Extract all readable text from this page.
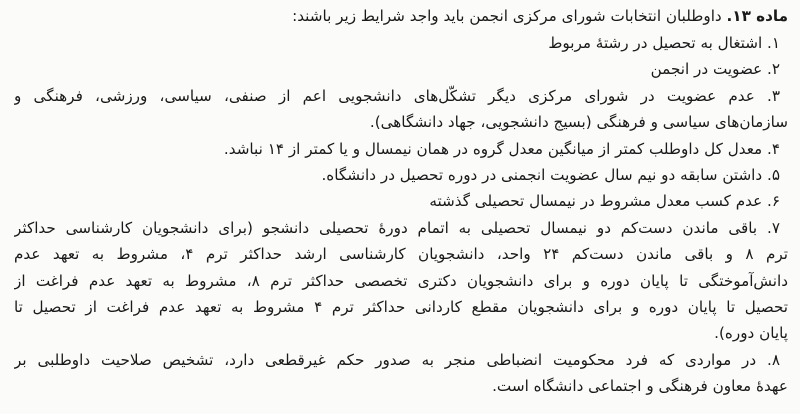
ماده ۱۳. داوطلبان انتخابات شورای مرکزی انجمن باید واجد شرایط زیر باشند:
۱. اشتغال به تحصیل در رشتهٔ مربوط
۲. عضویت در انجمن
۳. عدم عضویت در شورای مرکزی دیگر تشکّل‌های دانشجویی اعم از صنفی، سیاسی، ورزشی، فرهنگی و
سازمان‌های سیاسی و فرهنگی (بسیج دانشجویی، جهاد دانشگاهی).
۴. معدل کل داوطلب کمتر از میانگین معدل گروه در همان نیمسال و یا کمتر از ۱۴ نباشد.
۵. داشتن سابقه دو نیم سال عضویت انجمنی در دوره تحصیل در دانشگاه.
۶. عدم کسب معدل مشروط در نیمسال تحصیلی گذشته
۷. باقی ماندن دست‌کم دو نیمسال تحصیلی به اتمام دورهٔ تحصیلی دانشجو (برای دانشجویان کارشناسی حداکثر
ترم ۸ و باقی ماندن دست‌کم ۲۴ واحد، دانشجویان کارشناسی ارشد حداکثر ترم ۴، مشروط به تعهد عدم
دانش‌آموختگی تا پایان دوره و برای دانشجویان دکتری تخصصی حداکثر ترم ۸، مشروط به تعهد عدم فراغت از
تحصیل تا پایان دوره و برای دانشجویان مقطع کاردانی حداکثر ترم ۴ مشروط به تعهد عدم فراغت از تحصیل تا
پایان دوره).
۸. در مواردی که فرد محکومیت انضباطی منجر به صدور حکم غیرقطعی دارد، تشخیص صلاحیت داوطلبی بر
عهدهٔ معاون فرهنگی و اجتماعی دانشگاه است.
